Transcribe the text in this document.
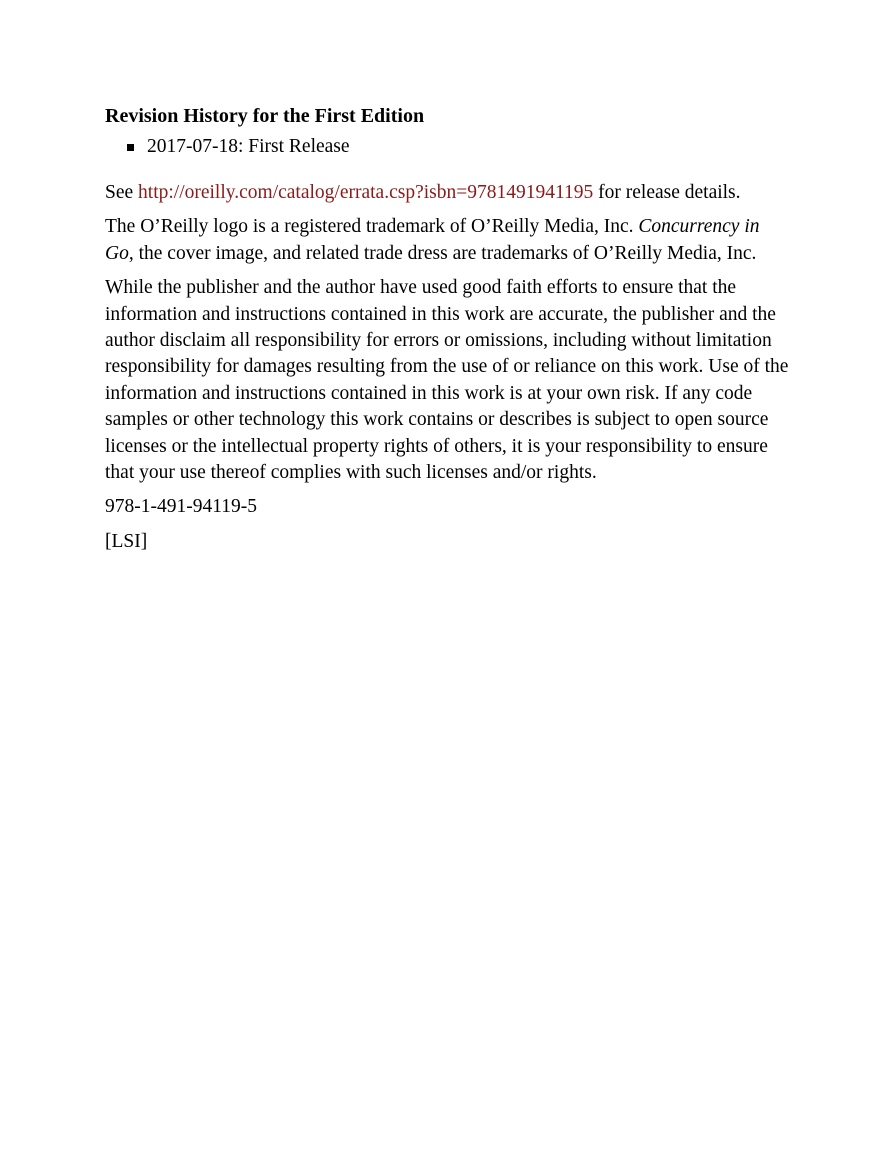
Revision History for the First Edition
2017-07-18: First Release

See http://oreilly.com/catalog/errata.csp?isbn=9781491941195 for release details.

The O’Reilly logo is a registered trademark of O’Reilly Media, Inc. Concurrency in Go, the cover image, and related trade dress are trademarks of O’Reilly Media, Inc.

While the publisher and the author have used good faith efforts to ensure that the information and instructions contained in this work are accurate, the publisher and the author disclaim all responsibility for errors or omissions, including without limitation responsibility for damages resulting from the use of or reliance on this work. Use of the information and instructions contained in this work is at your own risk. If any code samples or other technology this work contains or describes is subject to open source licenses or the intellectual property rights of others, it is your responsibility to ensure that your use thereof complies with such licenses and/or rights.

978-1-491-94119-5

[LSI]
